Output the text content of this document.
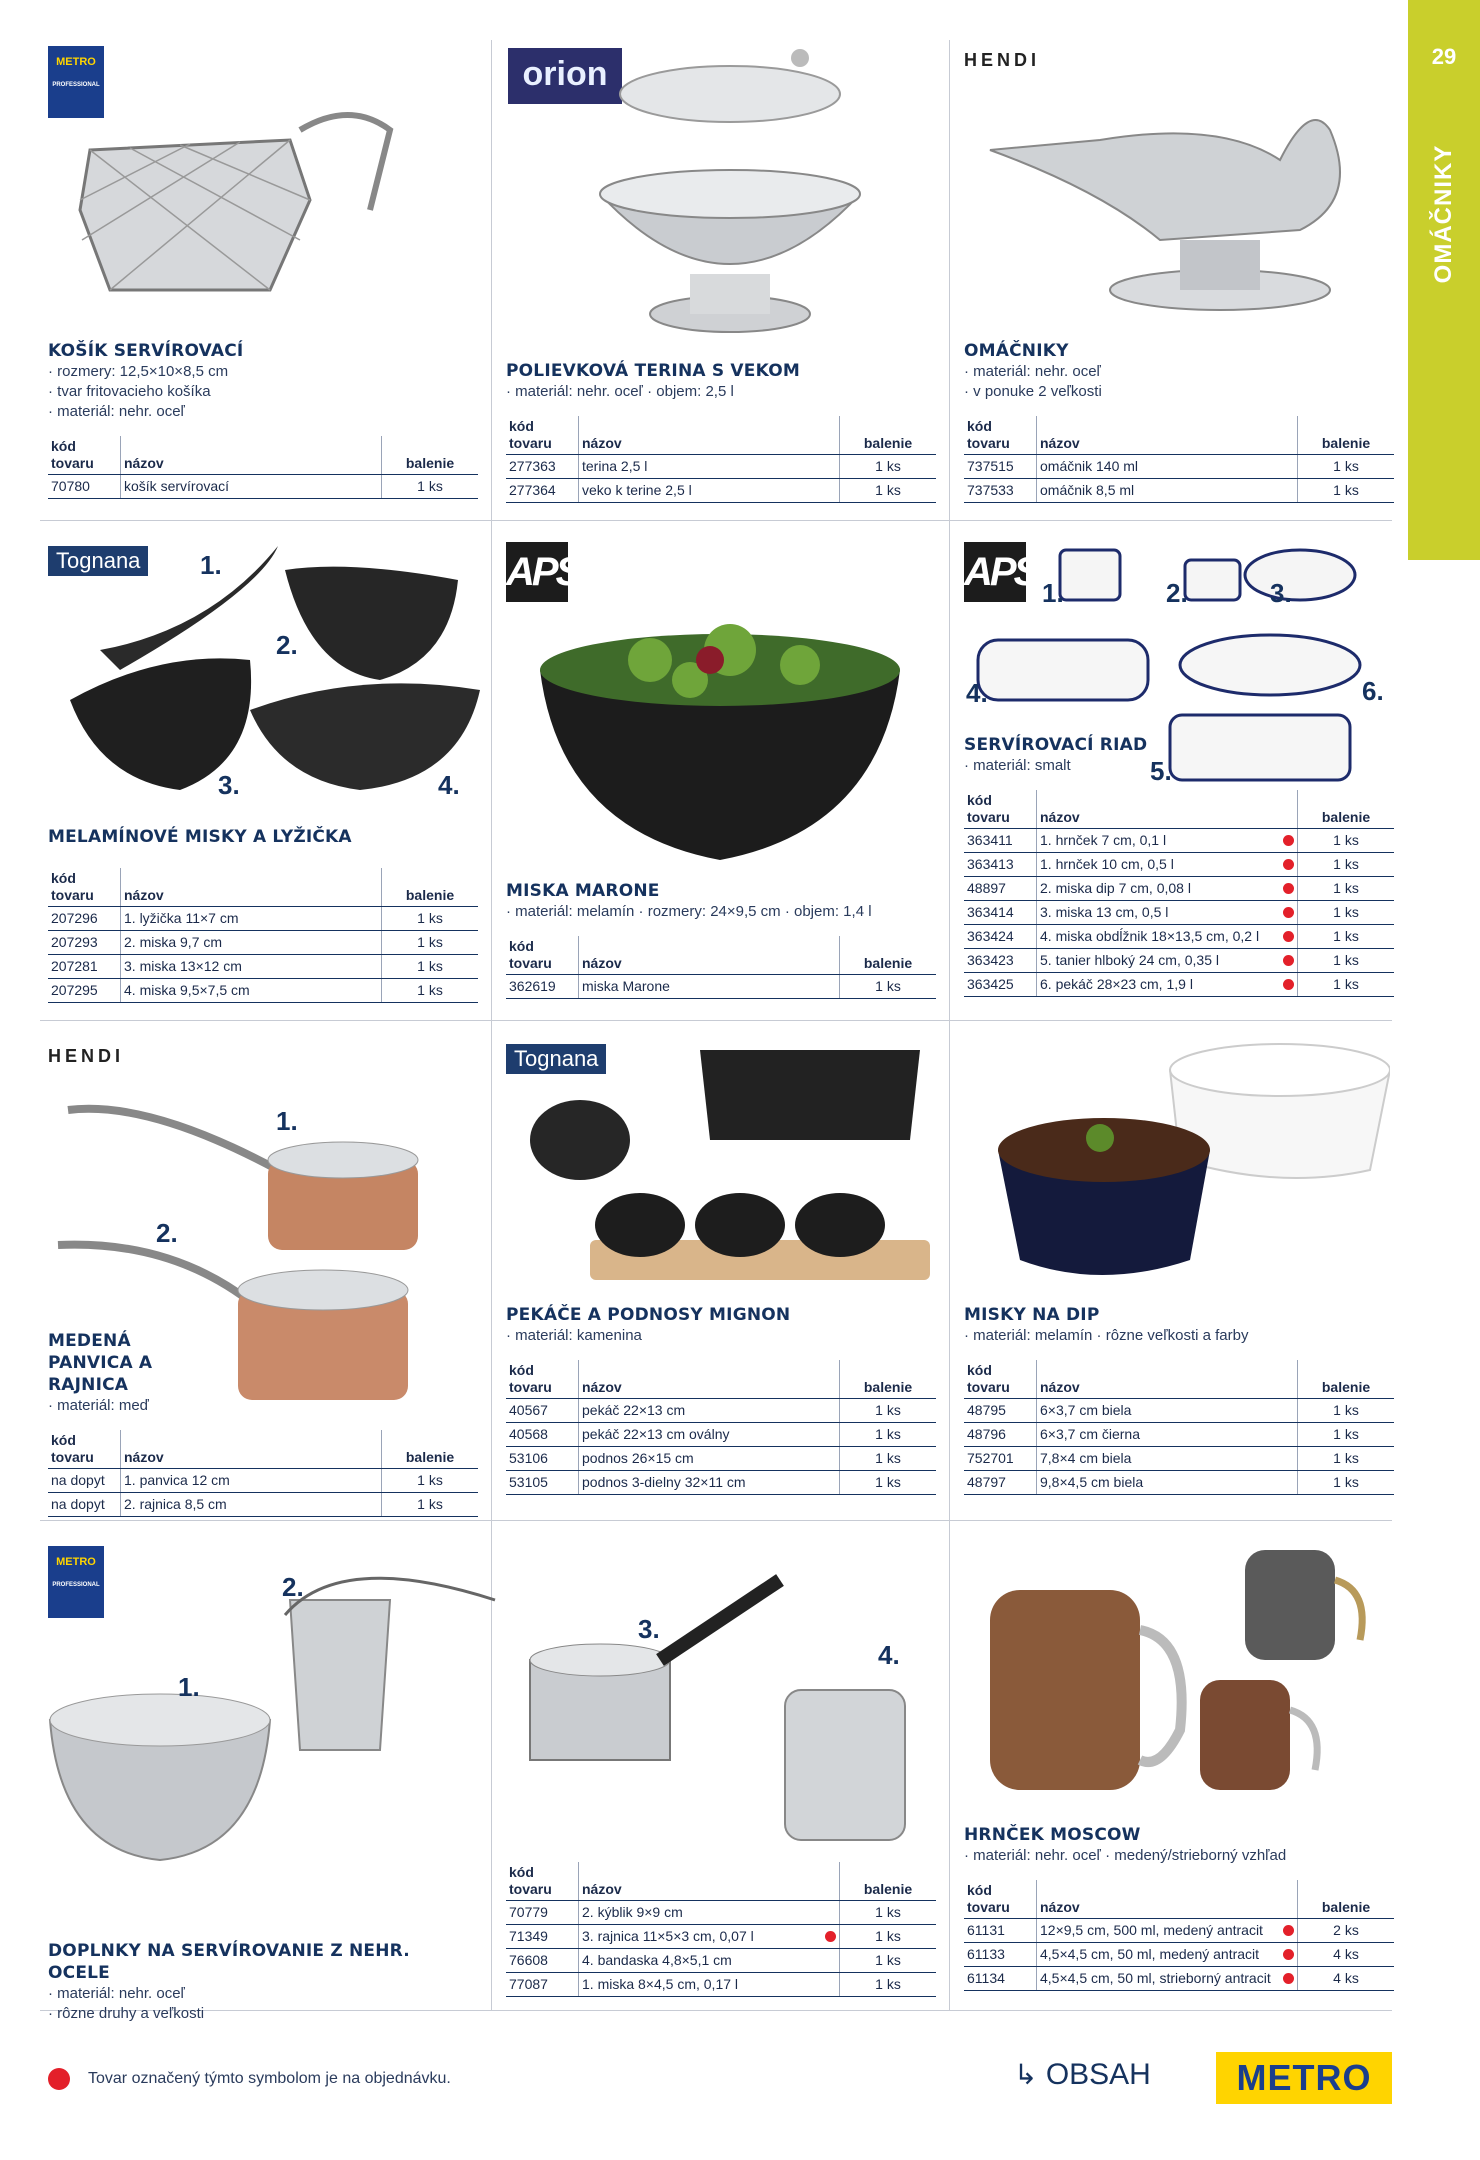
29
OMÁČNIKY
METRO
PROFESSIONAL
KOŠÍK SERVÍROVACÍ
· rozmery: 12,5×10×8,5 cm
· tvar fritovacieho košíka
· materiál: nehr. oceľ
kód tovaru	názov	balenie
70780	košík servírovací	1 ks
orion
POLIEVKOVÁ TERINA S VEKOM
· materiál: nehr. oceľ · objem: 2,5 l
kód tovaru	názov	balenie
277363	terina 2,5 l	1 ks
277364	veko k terine 2,5 l	1 ks
HENDI
OMÁČNIKY
· materiál: nehr. oceľ
· v ponuke 2 veľkosti
kód tovaru	názov	balenie
737515	omáčnik 140 ml	1 ks
737533	omáčnik 8,5 ml	1 ks
Tognana	1.
2.
3.	4.
MELAMÍNOVÉ MISKY A LYŽIČKA
kód tovaru	názov	balenie
207296	1. lyžička 11×7 cm	1 ks
207293	2. miska 9,7 cm	1 ks
207281	3. miska 13×12 cm	1 ks
207295	4. miska 9,5×7,5 cm	1 ks
APS
MISKA MARONE
· materiál: melamín · rozmery: 24×9,5 cm · objem: 1,4 l
kód tovaru	názov	balenie
362619	miska Marone	1 ks
APS 1.	2.	3.
4.
5.
6.
SERVÍROVACÍ RIAD
· materiál: smalt
kód tovaru	názov	balenie
363411	1. hrnček 7 cm, 0,1 l	1 ks
363413	1. hrnček 10 cm, 0,5 l	1 ks
48897	2. miska dip 7 cm, 0,08 l	1 ks
363414	3. miska 13 cm, 0,5 l	1 ks
363424	4. miska obdĺžnik 18×13,5 cm, 0,2 l	1 ks
363423	5. tanier hlboký 24 cm, 0,35 l	1 ks
363425	6. pekáč 28×23 cm, 1,9 l	1 ks
HENDI
1.
2.
MEDENÁ PANVICA A RAJNICA
· materiál: meď
kód tovaru	názov	balenie
na dopyt	1. panvica 12 cm	1 ks
na dopyt	2. rajnica 8,5 cm	1 ks
Tognana
PEKÁČE A PODNOSY MIGNON
· materiál: kamenina
kód tovaru	názov	balenie
40567	pekáč 22×13 cm	1 ks
40568	pekáč 22×13 cm oválny	1 ks
53106	podnos 26×15 cm	1 ks
53105	podnos 3-dielny 32×11 cm	1 ks
MISKY NA DIP
· materiál: melamín · rôzne veľkosti a farby
kód tovaru	názov	balenie
48795	6×3,7 cm biela	1 ks
48796	6×3,7 cm čierna	1 ks
752701	7,8×4 cm biela	1 ks
48797	9,8×4,5 cm biela	1 ks
METRO
PROFESSIONAL
1.
2.
3.
4.
DOPLNKY NA SERVÍROVANIE Z NEHR. OCELE
· materiál: nehr. oceľ
· rôzne druhy a veľkosti
kód tovaru	názov	balenie
70779	2. kýblik 9×9 cm	1 ks
71349	3. rajnica 11×5×3 cm, 0,07 l	1 ks
76608	4. bandaska 4,8×5,1 cm	1 ks
77087	1. miska 8×4,5 cm, 0,17 l	1 ks
HRNČEK MOSCOW
· materiál: nehr. oceľ · medený/strieborný vzhľad
kód tovaru	názov	balenie
61131	12×9,5 cm, 500 ml, medený antracit	2 ks
61133	4,5×4,5 cm, 50 ml, medený antracit	4 ks
61134	4,5×4,5 cm, 50 ml, strieborný antracit	4 ks
Tovar označený týmto symbolom je na objednávku.	↳ OBSAH	METRO
